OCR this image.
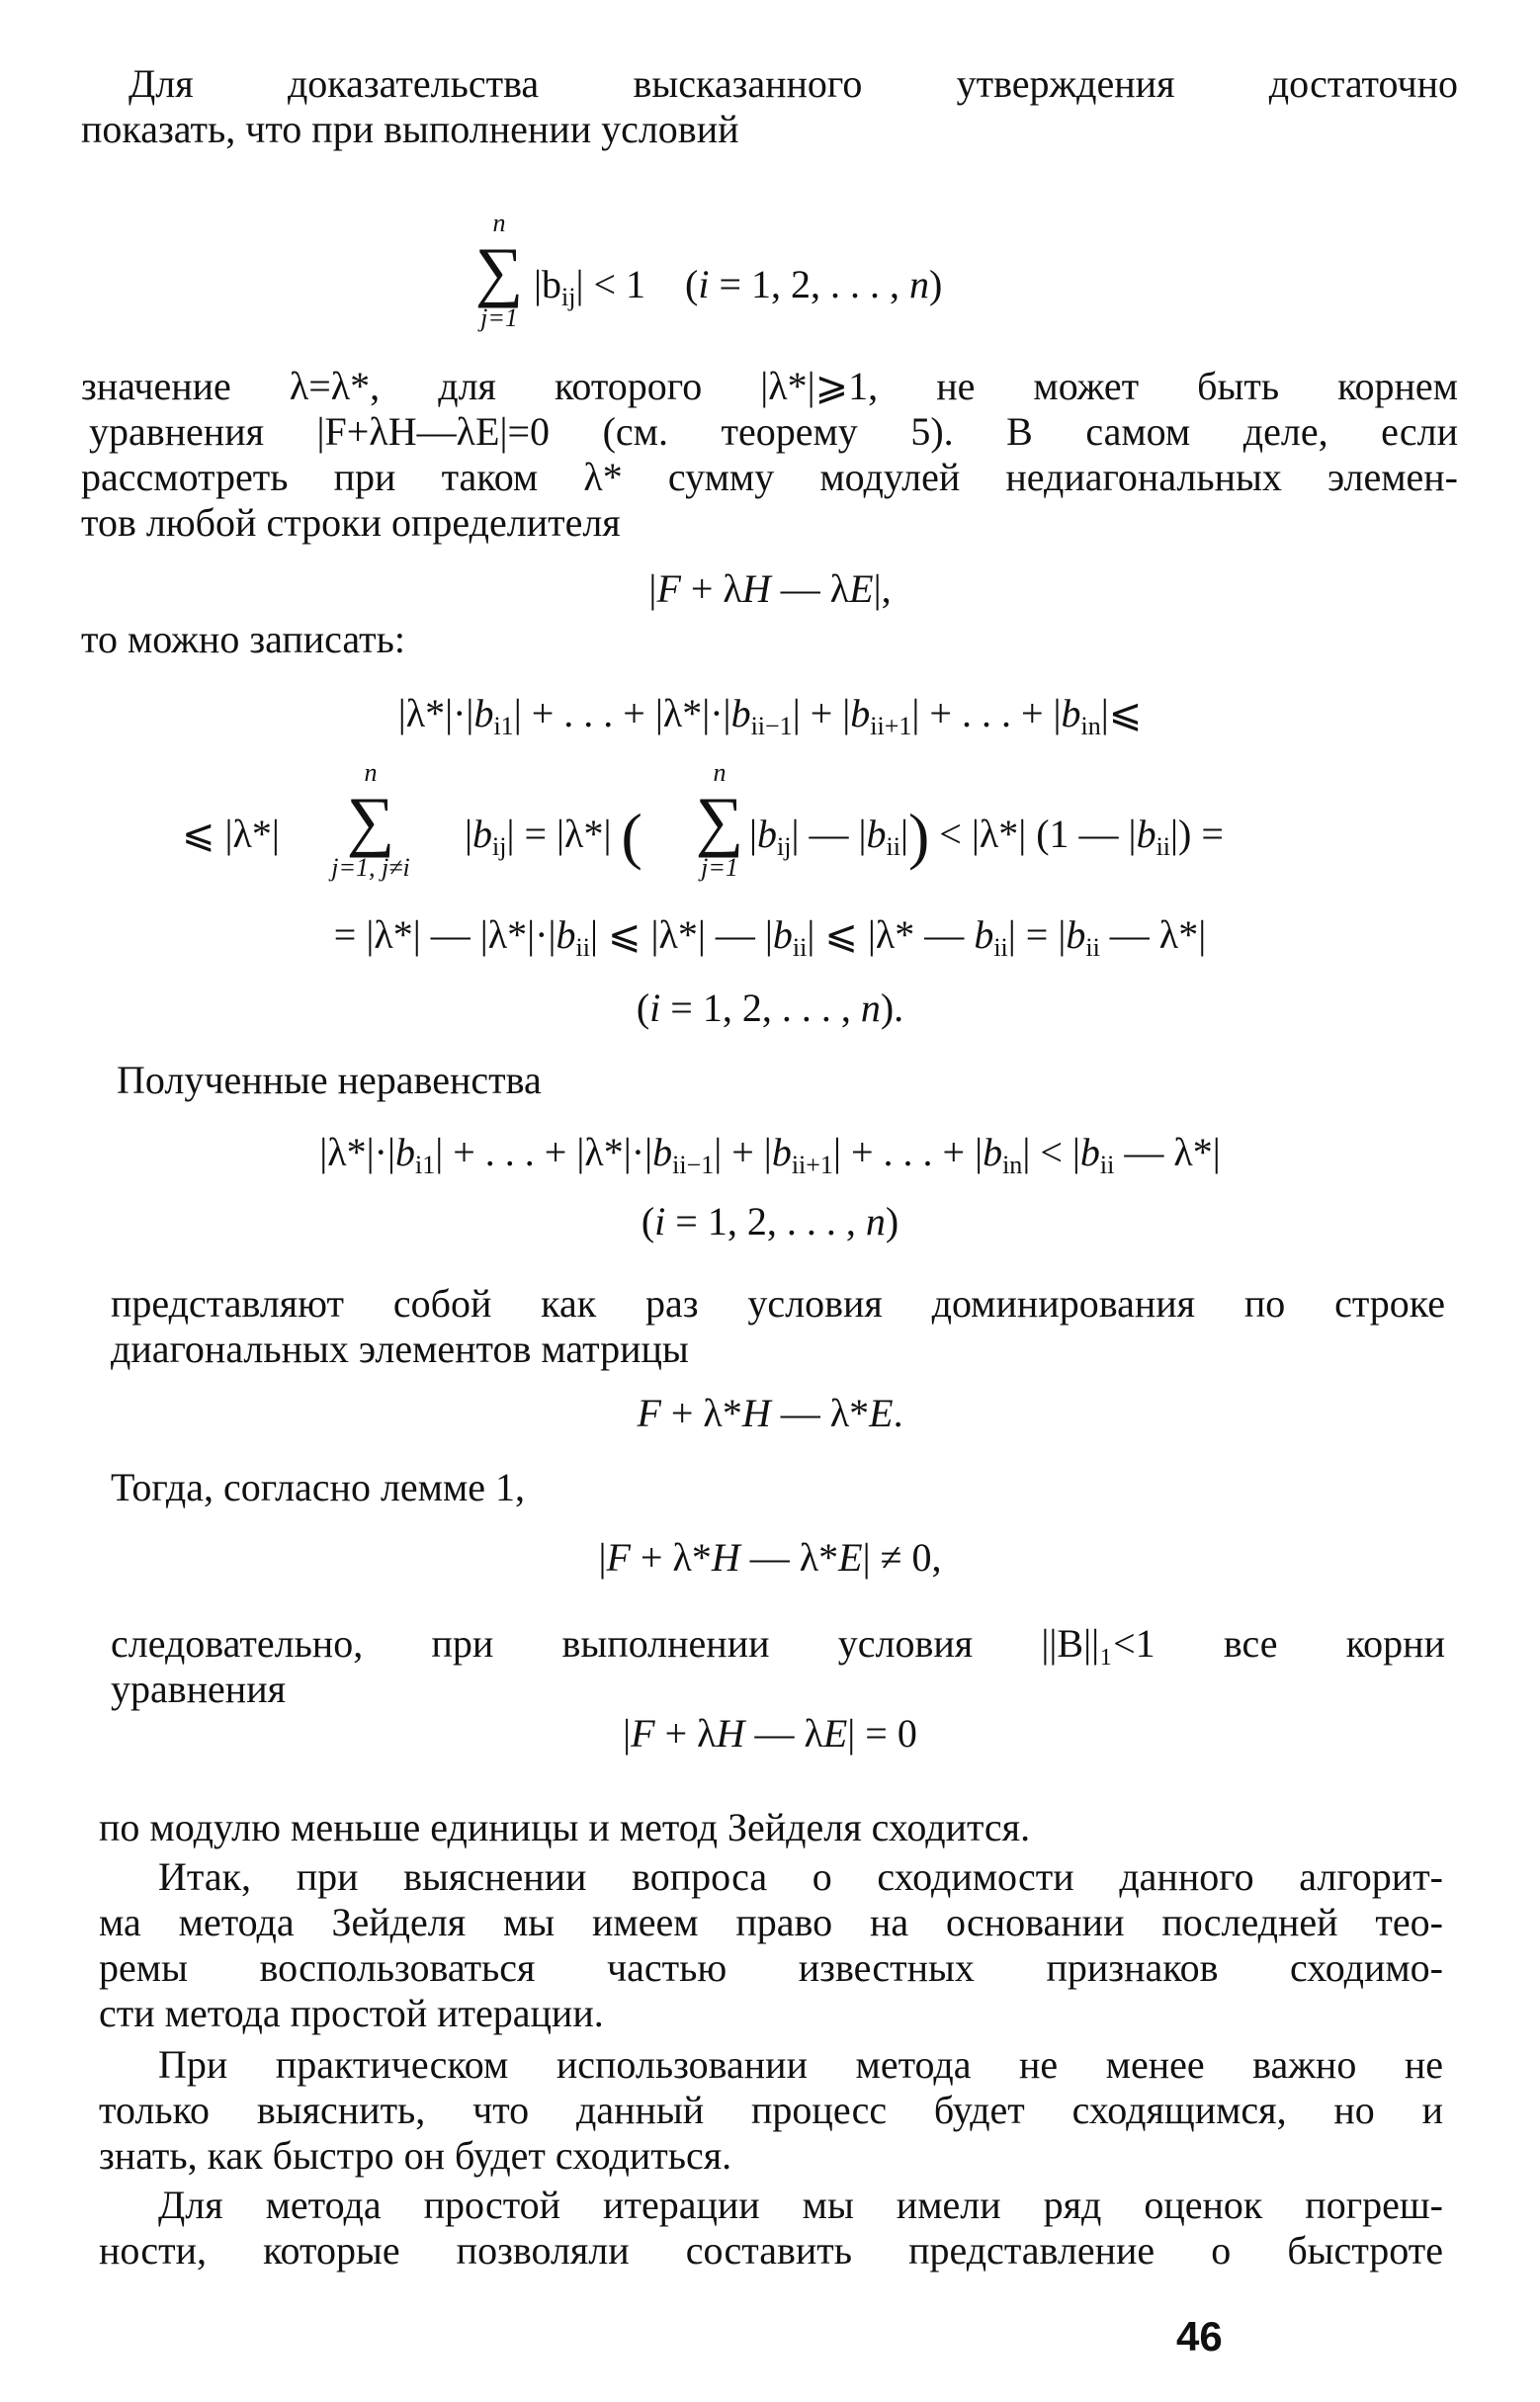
Для доказательства высказанного утверждения достаточно
показать, что при выполнении условий
n
∑
j=1
$|b_{ij}| < 1$    (i = 1, 2, . . . , n)
значение λ=λ*, для которого |λ*|⩾1, не может быть корнем
уравнения |F+λH—λE|=0 (см. теорему 5). В самом деле, если
рассмотреть при таком λ* сумму модулей недиагональных элемен-
тов любой строки определителя
|F + λH — λE|,
то можно записать:
$|\lambda*|\cdot|b_{i1}|$ + . . . + $|\lambda*|\cdot|b_{ii-1}| + |b_{ii+1}|$ + . . . + $|b_{in}|⩽$
⩽ |λ*|
n
∑
j=1, j≠i
$|b_{ij}| = |\lambda*|$ (
n
∑
j=1
$|b_{ij}|$ — $|b_{ii}|) < |\lambda*|$ (1 — $|b_{ii}|$) =
= |λ*| — $|\lambda*|\cdot|b_{ii}|$ ⩽ |λ*| — $|b_{ii}|$ ⩽ |λ* — $b_{ii}| = |b_{ii}$ — λ*|
(i = 1, 2, . . . , n).
Полученные неравенства
$|\lambda*|\cdot|b_{i1}|$ + . . . + $|\lambda*|\cdot|b_{ii-1}| + |b_{ii+1}|$ + . . . + $|b_{in}| < |b_{ii}$ — λ*|
(i = 1, 2, . . . , n)
представляют собой как раз условия доминирования по строке
диагональных элементов матрицы
F + λ*H — λ*E.
Тогда, согласно лемме 1,
|F + λ*H — λ*E| ≠ 0,
следовательно, при выполнении условия ||B||₁<1 все корни
уравнения
|F + λH — λE| = 0
по модулю меньше единицы и метод Зейделя сходится.
Итак, при выяснении вопроса о сходимости данного алгорит-
ма метода Зейделя мы имеем право на основании последней тео-
ремы воспользоваться частью известных признаков сходимо-
сти метода простой итерации.
При практическом использовании метода не менее важно не
только выяснить, что данный процесс будет сходящимся, но и
знать, как быстро он будет сходиться.
Для метода простой итерации мы имели ряд оценок погреш-
ности, которые позволяли составить представление о быстроте
46
